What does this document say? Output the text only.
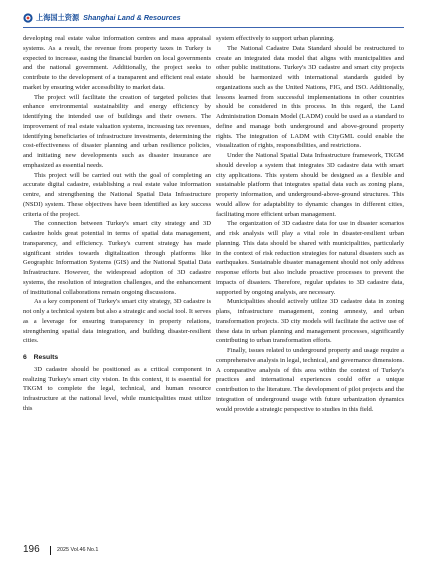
上海国土资源 Shanghai Land & Resources

developing real estate value information centres and mass appraisal systems. As a result, the revenue from property taxes in Turkey is expected to increase, easing the financial burden on local governments and the national government. Additionally, the project seeks to contribute to the development of a transparent and efficient real estate market by ensuring wider accessibility to market data.

The project will facilitate the creation of targeted policies that enhance environmental sustainability and energy efficiency by identifying the intended use of buildings and their owners. The improvement of real estate valuation systems, increasing tax revenues, identifying beneficiaries of infrastructure investments, determining the cost-effectiveness of disaster planning and urban resilience policies, and initiating new developments such as disaster insurance are emphasized as essential needs.

This project will be carried out with the goal of completing an accurate digital cadastre, establishing a real estate value information centre, and strengthening the National Spatial Data Infrastructure (NSDI) system. These objectives have been identified as key success criteria of the project.

The connection between Turkey's smart city strategy and 3D cadastre holds great potential in terms of spatial data management, transparency, and efficiency. Turkey's current strategy has made significant strides towards digitalization through platforms like Geographic Information Systems (GIS) and the National Spatial Data Infrastructure. However, the widespread adoption of 3D cadastre systems, the resolution of integration challenges, and the enhancement of institutional collaborations remain ongoing discussions.

As a key component of Turkey's smart city strategy, 3D cadastre is not only a technical system but also a strategic and social tool. It serves as a leverage for ensuring transparency in property relations, strengthening spatial data integration, and building disaster-resilient cities.

6　Results

3D cadastre should be positioned as a critical component in realizing Turkey's smart city vision. In this context, it is essential for TKGM to complete the legal, technical, and human resource infrastructure at the national level, while municipalities must utilize this

system effectively to support urban planning.

The National Cadastre Data Standard should be restructured to create an integrated data model that aligns with municipalities and other public institutions. Turkey's 3D cadastre and smart city projects should be harmonized with international standards guided by organizations such as the United Nations, FIG, and ISO. Additionally, lessons learned from successful implementations in other countries should be considered in this process. In this regard, the Land Administration Domain Model (LADM) could be used as a standard to define and manage both underground and above-ground property rights. The integration of LADM with CityGML could enable the visualization of rights, responsibilities, and restrictions.

Under the National Spatial Data Infrastructure framework, TKGM should develop a system that integrates 3D cadastre data with smart city applications. This system should be designed as a flexible and sustainable platform that integrates spatial data such as zoning plans, property information, and underground-above-ground structures. This would allow for adaptability to dynamic changes in different cities, facilitating more efficient urban management.

The organization of 3D cadastre data for use in disaster scenarios and risk analysis will play a vital role in disaster-resilient urban planning. This data should be shared with municipalities, particularly in the context of risk reduction strategies for natural disasters such as earthquakes. Sustainable disaster management should not only address response efforts but also include proactive processes to prevent the impacts of disasters. Therefore, regular updates to 3D cadastre data, supported by ongoing analysis, are necessary.

Municipalities should actively utilize 3D cadastre data in zoning plans, infrastructure management, zoning amnesty, and urban transformation projects. 3D city models will facilitate the active use of these data in urban planning and management processes, significantly contributing to urban transformation efforts.

Finally, issues related to underground property and usage require a comprehensive analysis in legal, technical, and governance dimensions. A comparative analysis of this area within the context of Turkey's practices and international experiences could offer a unique contribution to the literature. The development of pilot projects and the integration of underground usage with future urbanization dynamics would provide a strategic perspective to studies in this field.

196	2025 Vol.46 No.1
